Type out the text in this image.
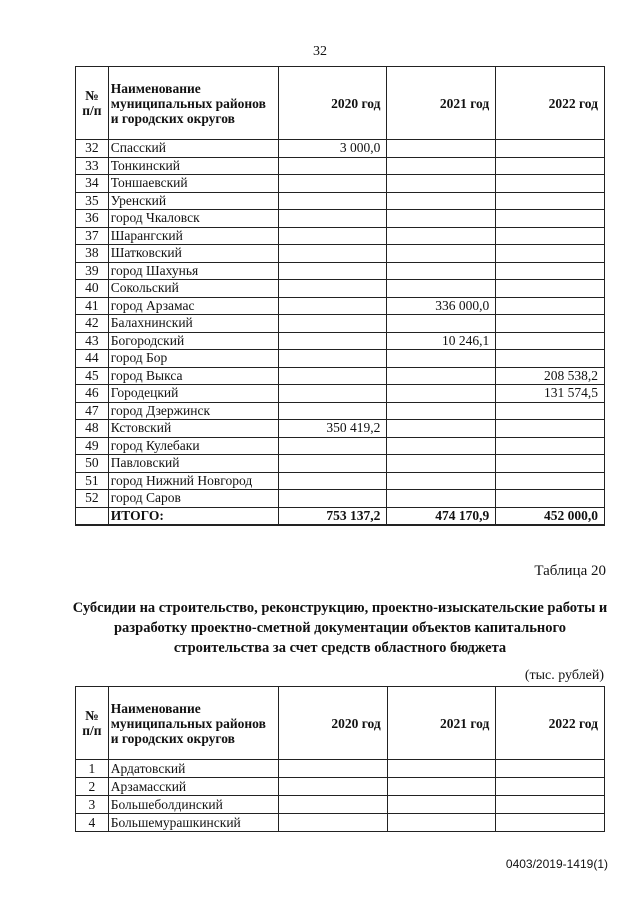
32
№ п/п	Наименование муниципальных районов и городских округов	2020 год	2021 год	2022 год
32	Спасский	3 000,0		
33	Тонкинский			
34	Тоншаевский			
35	Уренский			
36	город Чкаловск			
37	Шарангский			
38	Шатковский			
39	город Шахунья			
40	Сокольский			
41	город Арзамас		336 000,0	
42	Балахнинский			
43	Богородский		10 246,1	
44	город Бор			
45	город Выкса			208 538,2
46	Городецкий			131 574,5
47	город Дзержинск			
48	Кстовский	350 419,2		
49	город Кулебаки			
50	Павловский			
51	город Нижний Новгород			
52	город Саров			
	ИТОГО:	753 137,2	474 170,9	452 000,0
Таблица 20
Субсидии на строительство, реконструкцию, проектно-изыскательские работы и разработку проектно-сметной документации объектов капитального строительства за счет средств областного бюджета
(тыс. рублей)
№ п/п	Наименование муниципальных районов и городских округов	2020 год	2021 год	2022 год
1	Ардатовский			
2	Арзамасский			
3	Большеболдинский			
4	Большемурашкинский			
0403/2019-1419(1)
